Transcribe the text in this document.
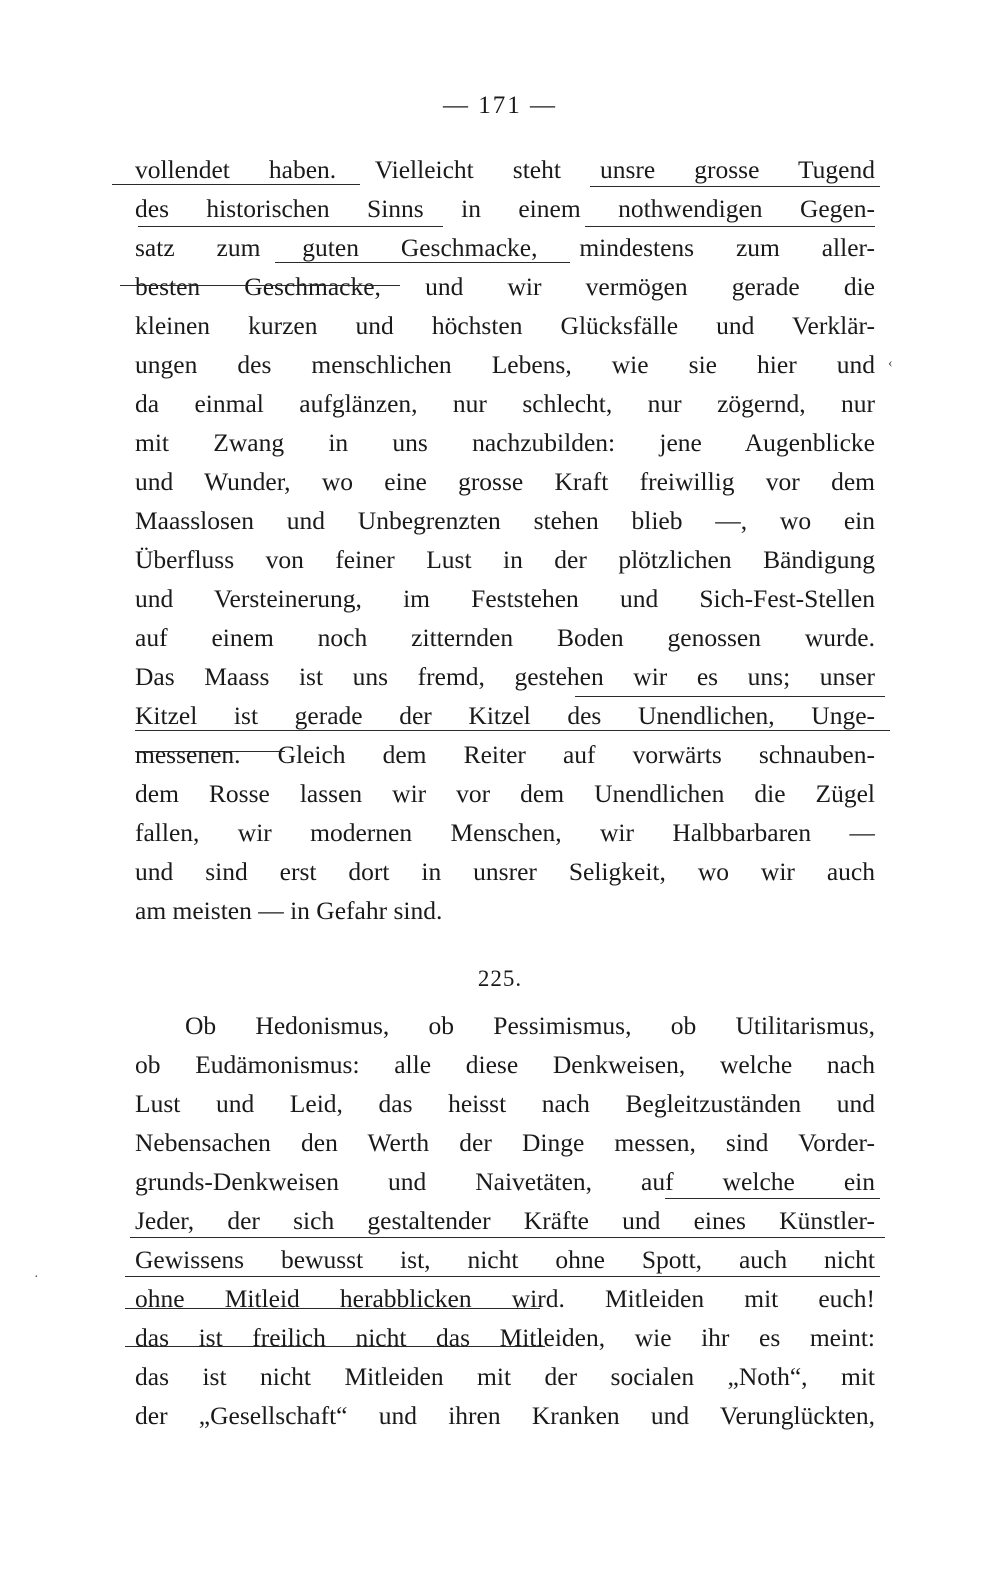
— 171 —
vollendet haben. Vielleicht steht unsre grosse Tugend
des historischen Sinns in einem nothwendigen Gegen-
satz zum guten Geschmacke, mindestens zum aller-
besten Geschmacke, und wir vermögen gerade die
kleinen kurzen und höchsten Glücksfälle und Verklär-
ungen des menschlichen Lebens, wie sie hier und
da einmal aufglänzen, nur schlecht, nur zögernd, nur
mit Zwang in uns nachzubilden: jene Augenblicke
und Wunder, wo eine grosse Kraft freiwillig vor dem
Maasslosen und Unbegrenzten stehen blieb —, wo ein
Überfluss von feiner Lust in der plötzlichen Bändigung
und Versteinerung, im Feststehen und Sich-Fest-Stellen
auf einem noch zitternden Boden genossen wurde.
Das Maass ist uns fremd, gestehen wir es uns; unser
Kitzel ist gerade der Kitzel des Unendlichen, Unge-
messenen. Gleich dem Reiter auf vorwärts schnauben-
dem Rosse lassen wir vor dem Unendlichen die Zügel
fallen, wir modernen Menschen, wir Halbbarbaren —
und sind erst dort in unsrer Seligkeit, wo wir auch
am meisten — in Gefahr sind.
225.
Ob Hedonismus, ob Pessimismus, ob Utilitarismus,
ob Eudämonismus: alle diese Denkweisen, welche nach
Lust und Leid, das heisst nach Begleitzuständen und
Nebensachen den Werth der Dinge messen, sind Vorder-
grunds-Denkweisen und Naivetäten, auf welche ein
Jeder, der sich gestaltender Kräfte und eines Künstler-
Gewissens bewusst ist, nicht ohne Spott, auch nicht
ohne Mitleid herabblicken wird. Mitleiden mit euch!
das ist freilich nicht das Mitleiden, wie ihr es meint:
das ist nicht Mitleiden mit der socialen „Noth“, mit
der „Gesellschaft“ und ihren Kranken und Verunglückten,
‹
·
